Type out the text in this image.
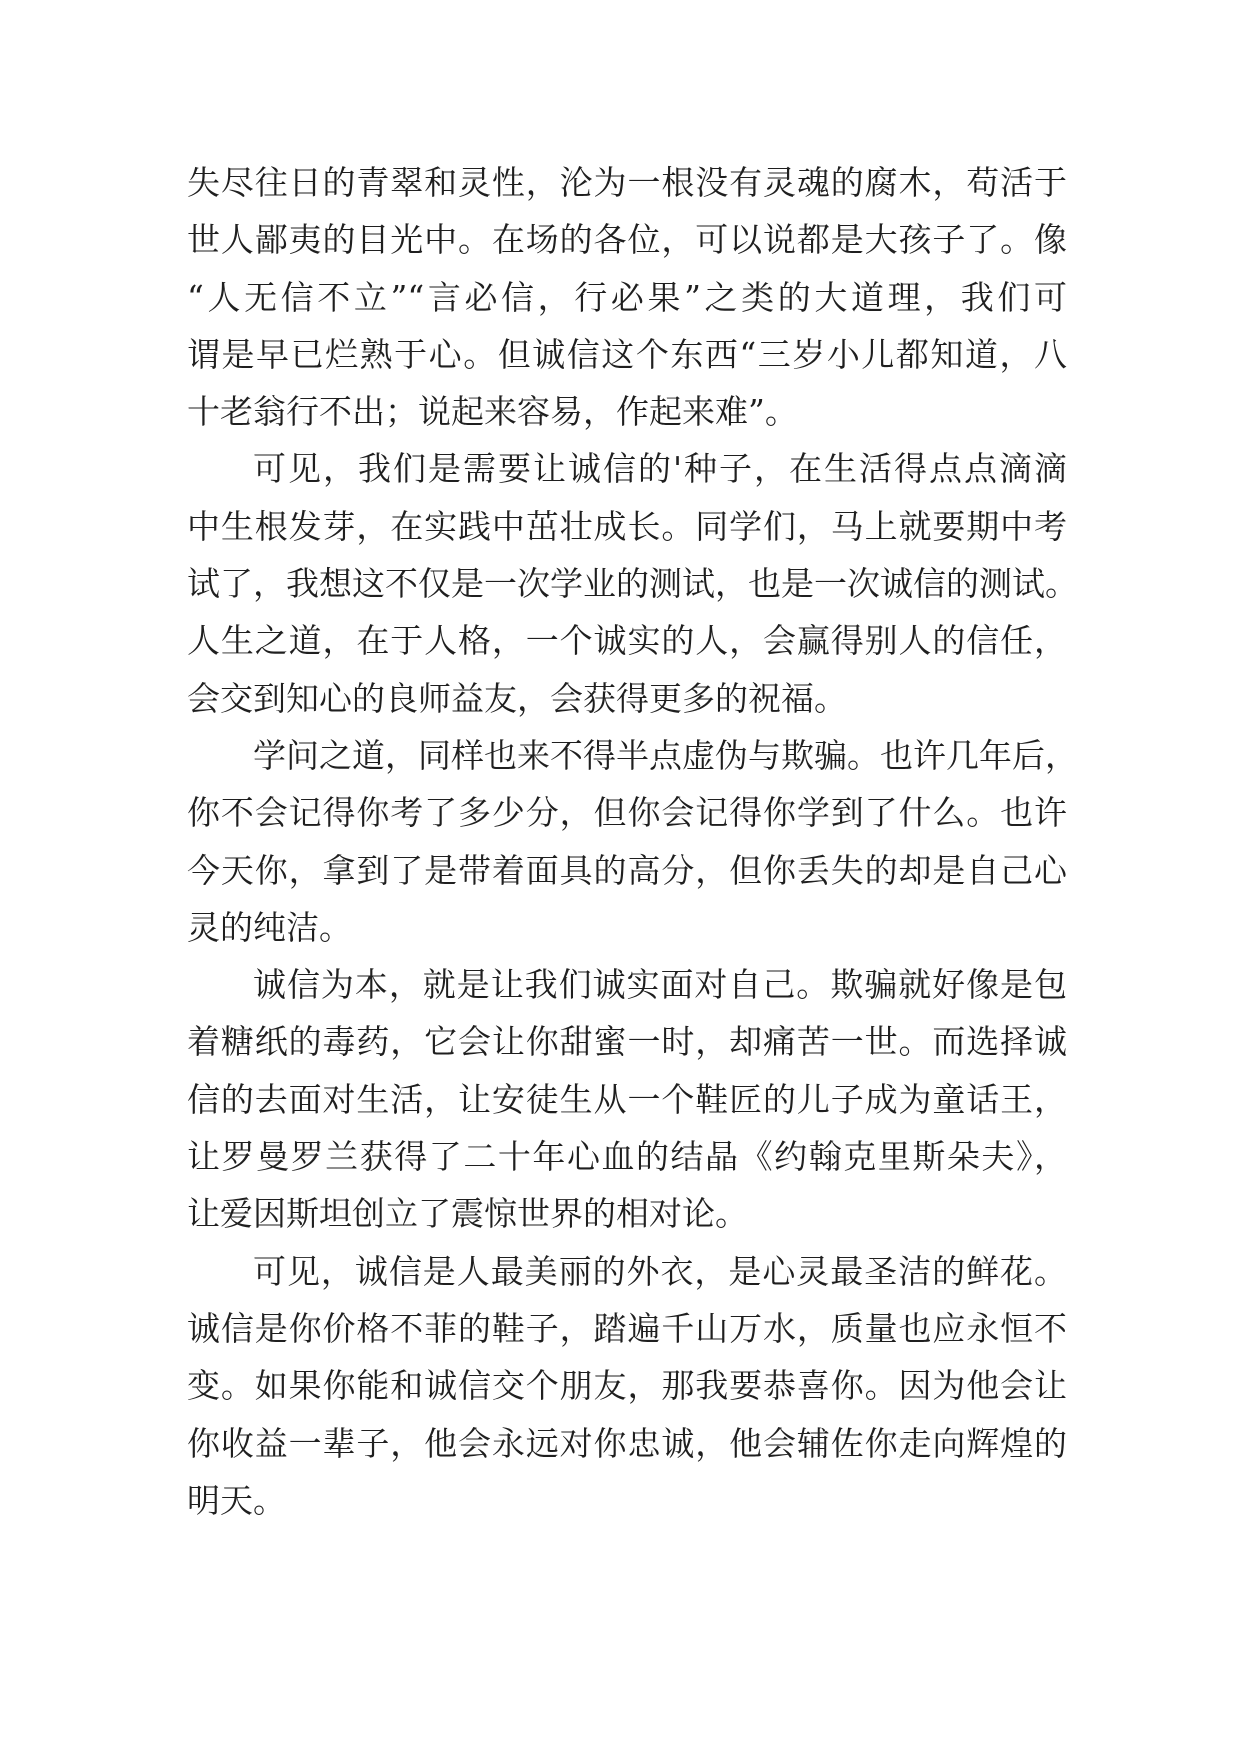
失尽往日的青翠和灵性，沦为一根没有灵魂的腐木，苟活于
世人鄙夷的目光中。在场的各位，可以说都是大孩子了。像
“人无信不立”“言必信，行必果”之类的大道理，我们可
谓是早已烂熟于心。但诚信这个东西“三岁小儿都知道，八
十老翁行不出；说起来容易，作起来难”。

可见，我们是需要让诚信的'种子，在生活得点点滴滴
中生根发芽，在实践中茁壮成长。同学们，马上就要期中考
试了，我想这不仅是一次学业的测试，也是一次诚信的测试。
人生之道，在于人格，一个诚实的人，会赢得别人的信任，
会交到知心的良师益友，会获得更多的祝福。

学问之道，同样也来不得半点虚伪与欺骗。也许几年后，
你不会记得你考了多少分，但你会记得你学到了什么。也许
今天你，拿到了是带着面具的高分，但你丢失的却是自己心
灵的纯洁。

诚信为本，就是让我们诚实面对自己。欺骗就好像是包
着糖纸的毒药，它会让你甜蜜一时，却痛苦一世。而选择诚
信的去面对生活，让安徒生从一个鞋匠的儿子成为童话王，
让罗曼罗兰获得了二十年心血的结晶《约翰克里斯朵夫》，
让爱因斯坦创立了震惊世界的相对论。

可见，诚信是人最美丽的外衣，是心灵最圣洁的鲜花。
诚信是你价格不菲的鞋子，踏遍千山万水，质量也应永恒不
变。如果你能和诚信交个朋友，那我要恭喜你。因为他会让
你收益一辈子，他会永远对你忠诚，他会辅佐你走向辉煌的
明天。
